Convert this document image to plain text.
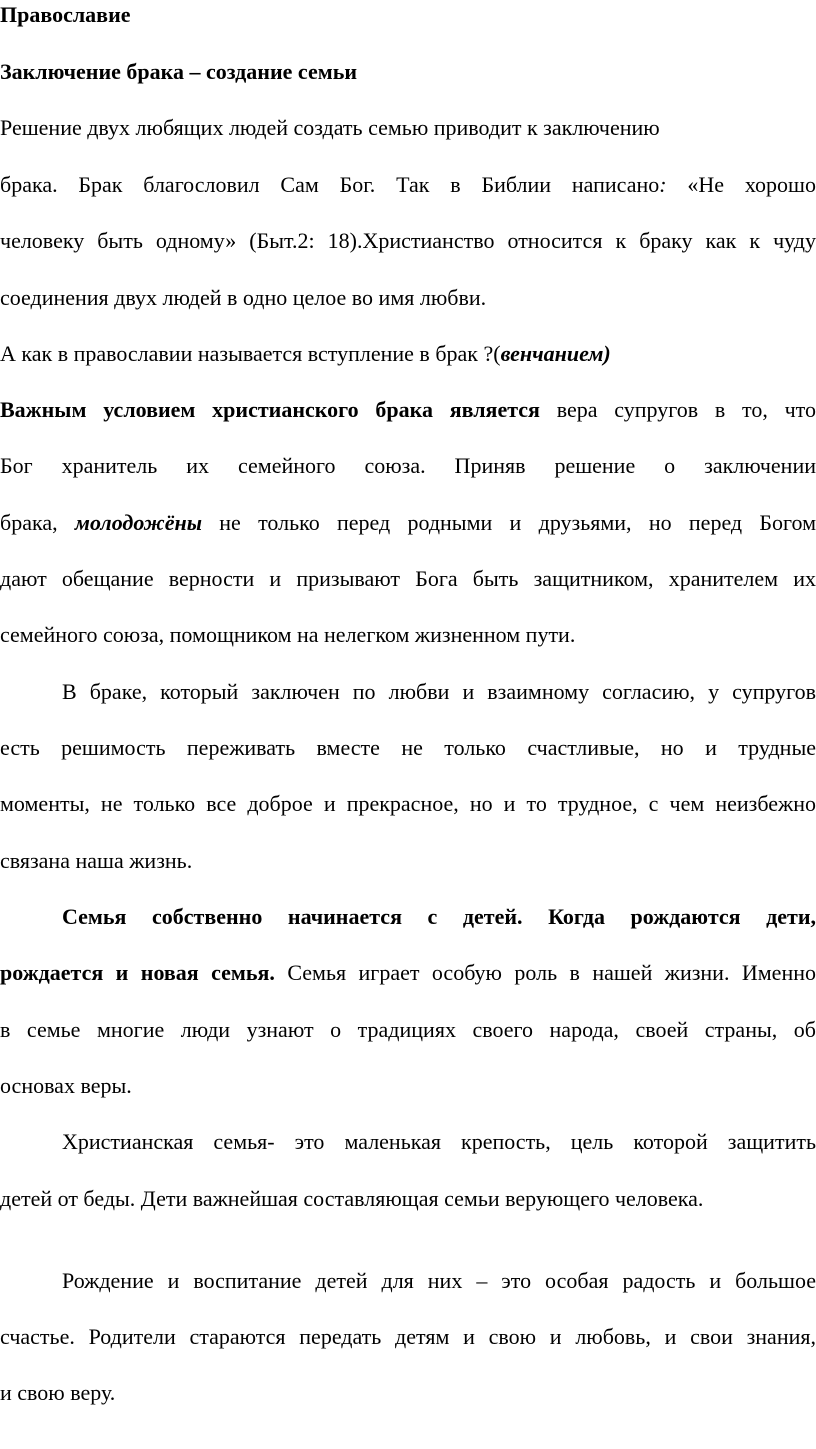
Православие
Заключение брака – создание семьи
Решение двух любящих людей создать семью приводит к заключению
брака. Брак благословил Сам Бог. Так в Библии написано: «Не хорошо
человеку быть одному» (Быт.2: 18).Христианство относится к браку как к чуду
соединения двух людей в одно целое во имя любви.
А как в православии называется вступление в брак ?(венчанием)
Важным условием христианского брака является вера супругов в то, что
Бог хранитель их семейного союза. Приняв решение о заключении
брака, молодожёны не только перед родными и друзьями, но перед Богом
дают обещание верности и призывают Бога быть защитником, хранителем их
семейного союза, помощником на нелегком жизненном пути.
В браке, который заключен по любви и взаимному согласию, у супругов
есть решимость переживать вместе не только счастливые, но и трудные
моменты, не только все доброе и прекрасное, но и то трудное, с чем неизбежно
связана наша жизнь.
Семья собственно начинается с детей. Когда рождаются дети,
рождается и новая семья. Семья играет особую роль в нашей жизни. Именно
в семье многие люди узнают о традициях своего народа, своей страны, об
основах веры.
Христианская семья- это маленькая крепость, цель которой защитить
детей от беды. Дети важнейшая составляющая семьи верующего человека.
Рождение и воспитание детей для них – это особая радость и большое
счастье. Родители стараются передать детям и свою и любовь, и свои знания,
и свою веру.
